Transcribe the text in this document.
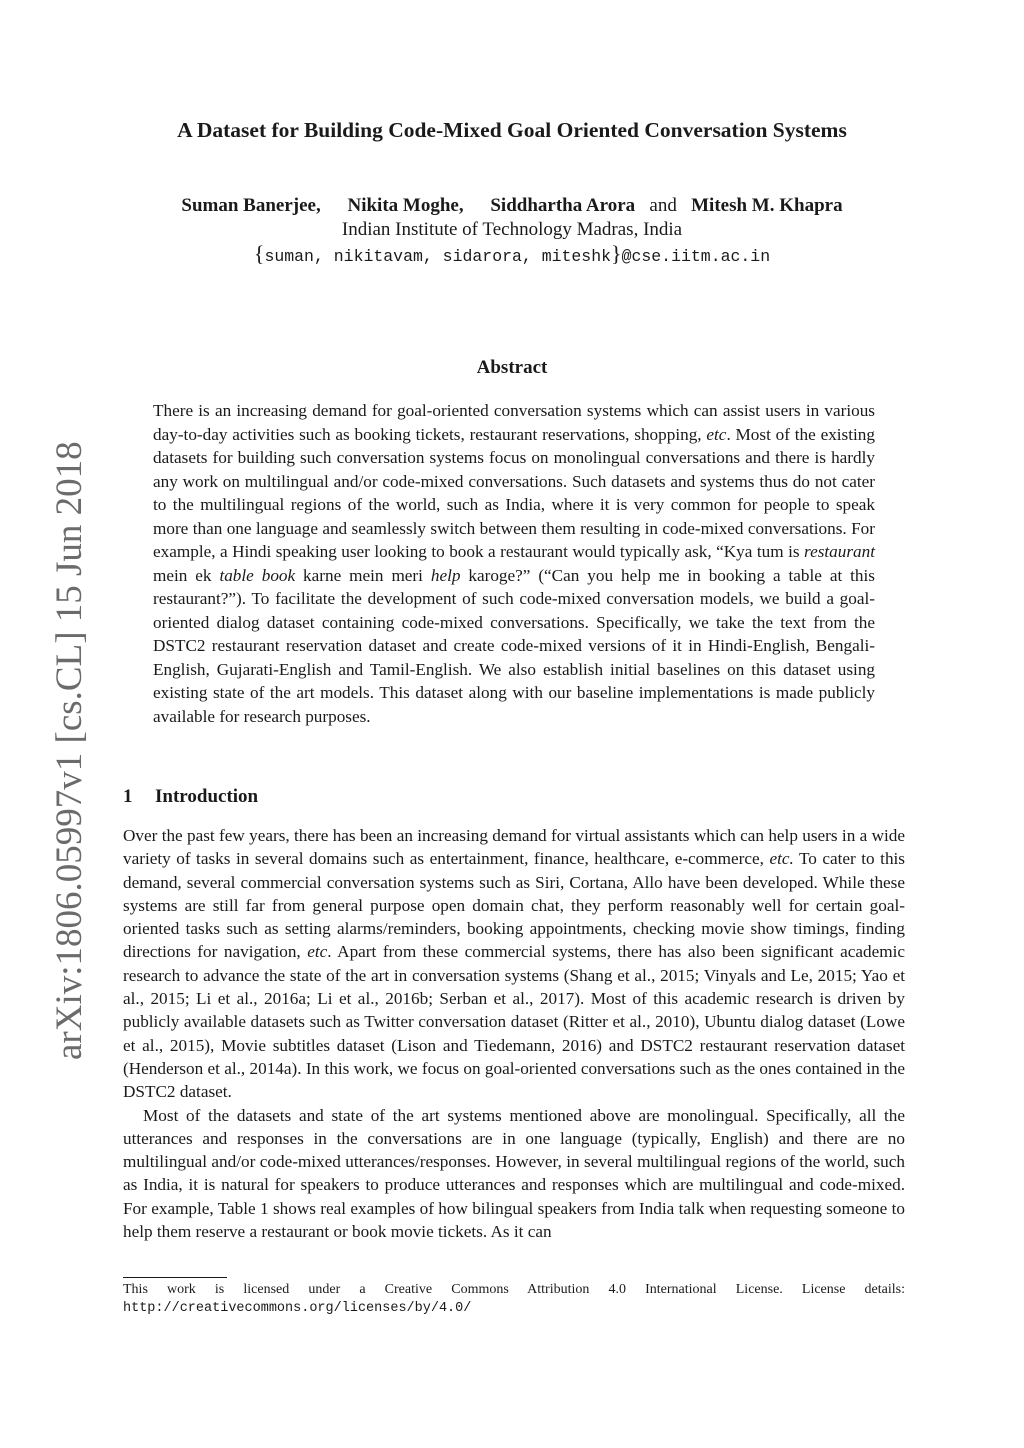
arXiv:1806.05997v1 [cs.CL] 15 Jun 2018
A Dataset for Building Code-Mixed Goal Oriented Conversation Systems
Suman Banerjee, Nikita Moghe, Siddhartha Arora and Mitesh M. Khapra
Indian Institute of Technology Madras, India
{suman, nikitavam, sidarora, miteshk}@cse.iitm.ac.in
Abstract
There is an increasing demand for goal-oriented conversation systems which can assist users in various day-to-day activities such as booking tickets, restaurant reservations, shopping, etc. Most of the existing datasets for building such conversation systems focus on monolingual conversations and there is hardly any work on multilingual and/or code-mixed conversations. Such datasets and systems thus do not cater to the multilingual regions of the world, such as India, where it is very common for people to speak more than one language and seamlessly switch between them resulting in code-mixed conversations. For example, a Hindi speaking user looking to book a restaurant would typically ask, “Kya tum is restaurant mein ek table book karne mein meri help karoge?” (“Can you help me in booking a table at this restaurant?”). To facilitate the development of such code-mixed conversation models, we build a goal-oriented dialog dataset containing code-mixed conversations. Specifically, we take the text from the DSTC2 restaurant reservation dataset and create code-mixed versions of it in Hindi-English, Bengali-English, Gujarati-English and Tamil-English. We also establish initial baselines on this dataset using existing state of the art models. This dataset along with our baseline implementations is made publicly available for research purposes.
1 Introduction

Over the past few years, there has been an increasing demand for virtual assistants which can help users in a wide variety of tasks in several domains such as entertainment, finance, healthcare, e-commerce, etc. To cater to this demand, several commercial conversation systems such as Siri, Cortana, Allo have been developed. While these systems are still far from general purpose open domain chat, they perform reasonably well for certain goal-oriented tasks such as setting alarms/reminders, booking appointments, checking movie show timings, finding directions for navigation, etc. Apart from these commercial systems, there has also been significant academic research to advance the state of the art in conversation systems (Shang et al., 2015; Vinyals and Le, 2015; Yao et al., 2015; Li et al., 2016a; Li et al., 2016b; Serban et al., 2017). Most of this academic research is driven by publicly available datasets such as Twitter conversation dataset (Ritter et al., 2010), Ubuntu dialog dataset (Lowe et al., 2015), Movie subtitles dataset (Lison and Tiedemann, 2016) and DSTC2 restaurant reservation dataset (Henderson et al., 2014a). In this work, we focus on goal-oriented conversations such as the ones contained in the DSTC2 dataset.

Most of the datasets and state of the art systems mentioned above are monolingual. Specifically, all the utterances and responses in the conversations are in one language (typically, English) and there are no multilingual and/or code-mixed utterances/responses. However, in several multilingual regions of the world, such as India, it is natural for speakers to produce utterances and responses which are multilingual and code-mixed. For example, Table 1 shows real examples of how bilingual speakers from India talk when requesting someone to help them reserve a restaurant or book movie tickets. As it can

This work is licensed under a Creative Commons Attribution 4.0 International License. License details: http://creativecommons.org/licenses/by/4.0/
